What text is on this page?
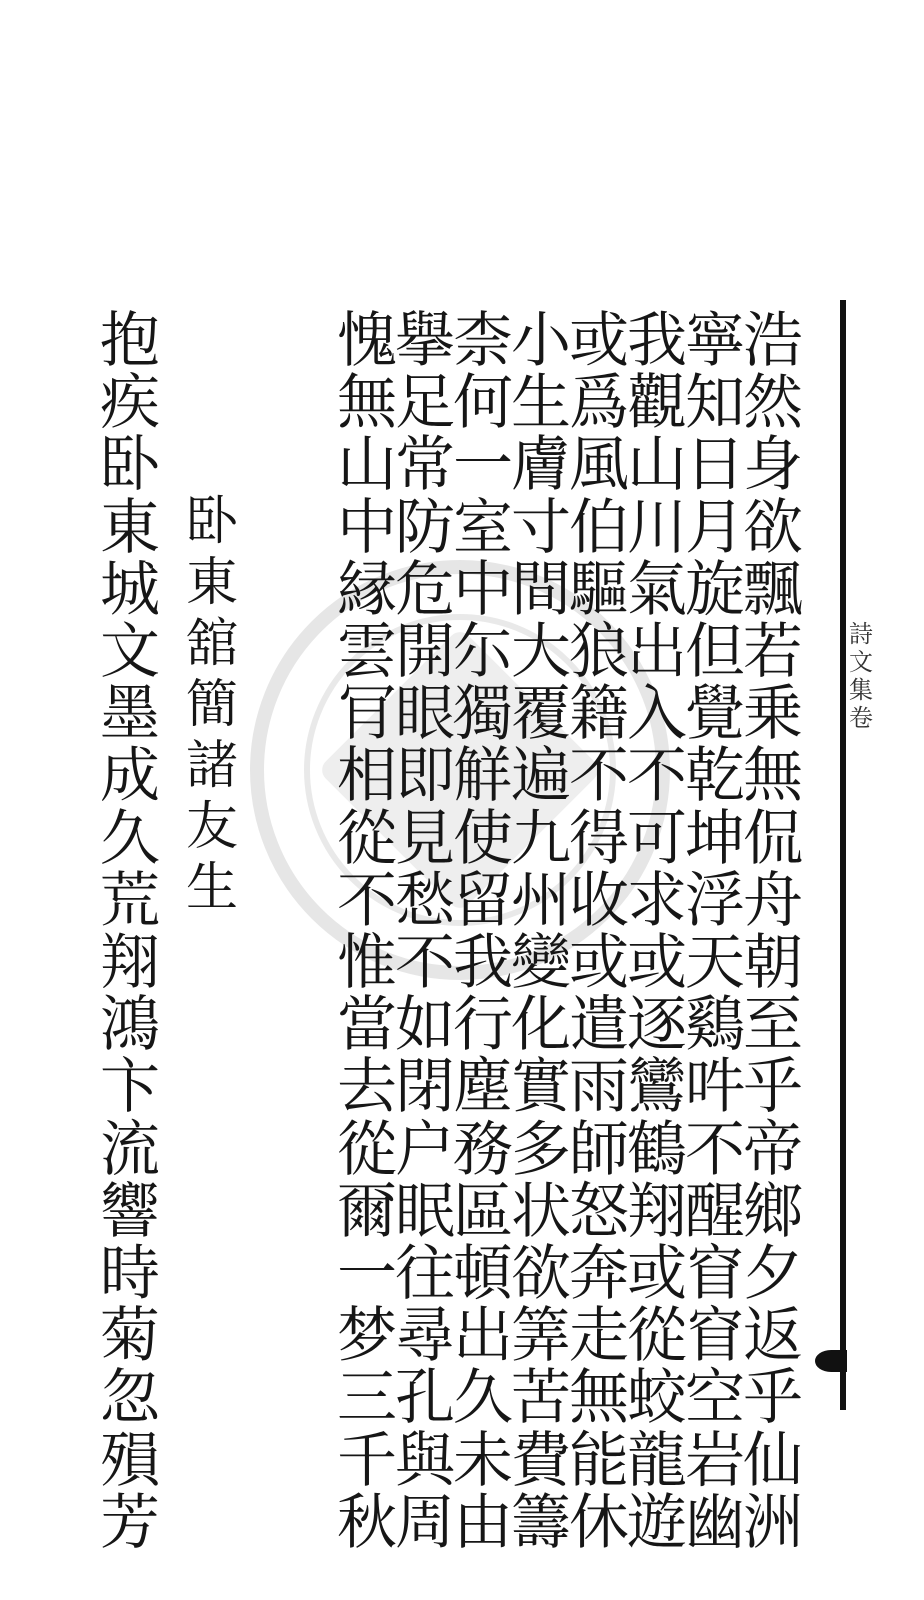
詩文集卷
浩然身欲飄若乗無侃舟朝至乎帝鄉夕返乎仙洲
寧知日月旋但覺乾坤浮天鷄吽不醒窅窅空岩幽
我觀山川氣出入不可求或逐鸞鶴翔或從蛟龍遊
或爲風伯驅狼籍不得收或遣雨師怒奔走無能休
小生膚寸間大覆遍九州變化實多状欲筭苦費籌
柰何一室中尓獨觧使留我行塵務區頓出久未由
擧足常防危開眼即見愁不如閉户眠往尋孔與周
愧無山中縁雲肎相從不惟當去從爾一梦三千秋
卧東舘簡諸友生
抱疾卧東城文墨成久荒翔鴻卞流響時菊忽殞芳
